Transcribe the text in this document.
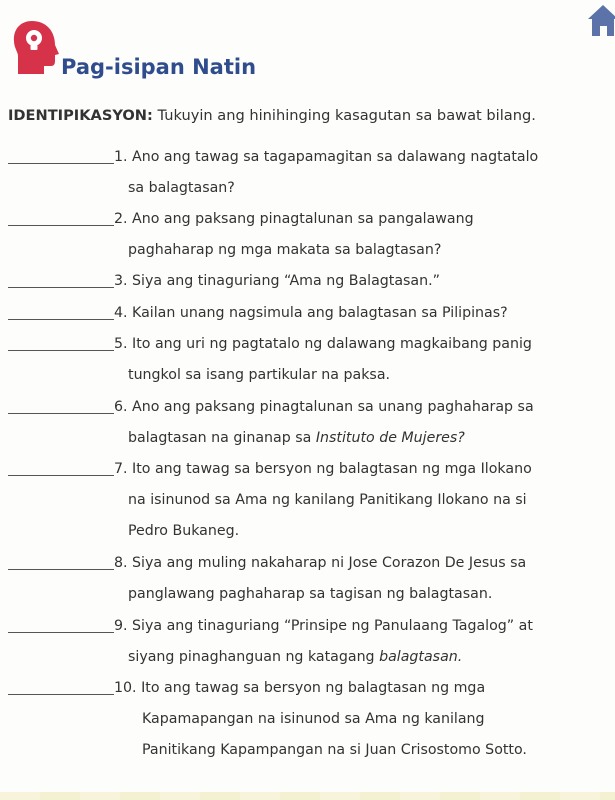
Pag-isipan Natin
IDENTIPIKASYON: Tukuyin ang hinihinging kasagutan sa bawat bilang.
1. Ano ang tawag sa tagapamagitan sa dalawang nagtatalo
sa balagtasan?
2. Ano ang paksang pinagtalunan sa pangalawang
paghaharap ng mga makata sa balagtasan?
3. Siya ang tinaguriang “Ama ng Balagtasan.”
4. Kailan unang nagsimula ang balagtasan sa Pilipinas?
5. Ito ang uri ng pagtatalo ng dalawang magkaibang panig
tungkol sa isang partikular na paksa.
6. Ano ang paksang pinagtalunan sa unang paghaharap sa
balagtasan na ginanap sa Instituto de Mujeres?
7. Ito ang tawag sa bersyon ng balagtasan ng mga Ilokano
na isinunod sa Ama ng kanilang Panitikang Ilokano na si
Pedro Bukaneg.
8. Siya ang muling nakaharap ni Jose Corazon De Jesus sa
panglawang paghaharap sa tagisan ng balagtasan.
9. Siya ang tinaguriang “Prinsipe ng Panulaang Tagalog” at
siyang pinaghanguan ng katagang balagtasan.
10. Ito ang tawag sa bersyon ng balagtasan ng mga
Kapamapangan na isinunod sa Ama ng kanilang
Panitikang Kapampangan na si Juan Crisostomo Sotto.
